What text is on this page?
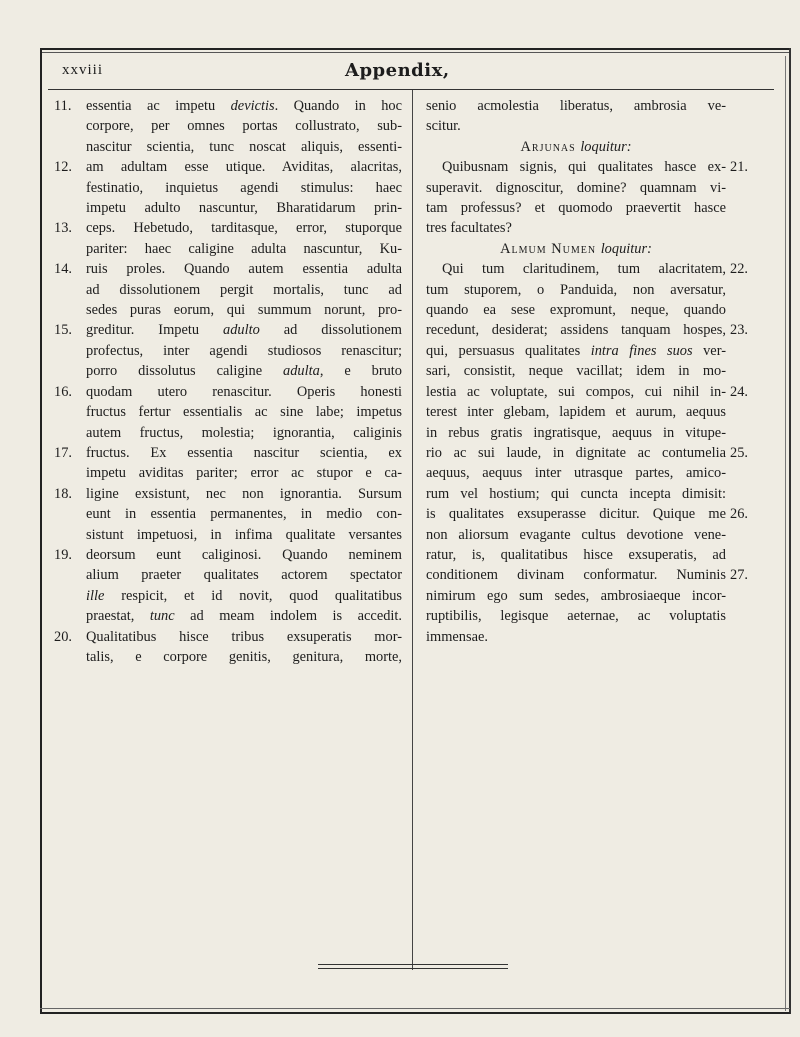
xxviii	Appendix,
essentia ac impetu devictis. Quando in hoc
11.
corpore, per omnes portas collustrato, sub-
nascitur scientia, tunc noscat aliquis, essenti-
am adultam esse utique. Aviditas, alacritas,
12.
festinatio, inquietus agendi stimulus: haec
impetu adulto nascuntur, Bharatidarum prin-
ceps. Hebetudo, tarditasque, error, stuporque
13.
pariter: haec caligine adulta nascuntur, Ku-
ruis proles. Quando autem essentia adulta
14.
ad dissolutionem pergit mortalis, tunc ad
sedes puras eorum, qui summum norunt, pro-
greditur. Impetu adulto ad dissolutionem
15.
profectus, inter agendi studiosos renascitur;
porro dissolutus caligine adulta, e bruto
quodam utero renascitur. Operis honesti
16.
fructus fertur essentialis ac sine labe; impetus
autem fructus, molestia; ignorantia, caliginis
fructus. Ex essentia nascitur scientia, ex
17.
impetu aviditas pariter; error ac stupor e ca-
ligine exsistunt, nec non ignorantia. Sursum
18.
eunt in essentia permanentes, in medio con-
sistunt impetuosi, in infima qualitate versantes
deorsum eunt caliginosi. Quando neminem
19.
alium praeter qualitates actorem spectator
ille respicit, et id novit, quod qualitatibus
praestat, tunc ad meam indolem is accedit.
Qualitatibus hisce tribus exsuperatis mor-
20.
talis, e corpore genitis, genitura, morte,
senio acmolestia liberatus, ambrosia ve-
scitur.
Arjunas loquitur:
Quibusnam signis, qui qualitates hasce ex- 21.
superavit. dignoscitur, domine? quamnam vi-
tam professus? et quomodo praevertit hasce
tres facultates?
Almum Numen loquitur:
Qui tum claritudinem, tum alacritatem, 22.
tum stuporem, o Panduida, non aversatur,
quando ea sese expromunt, neque, quando
recedunt, desiderat; assidens tanquam hospes, 23.
qui, persuasus qualitates intra fines suos ver-
sari, consistit, neque vacillat; idem in mo-
lestia ac voluptate, sui compos, cui nihil in- 24.
terest inter glebam, lapidem et aurum, aequus
in rebus gratis ingratisque, aequus in vitupe-
rio ac sui laude, in dignitate ac contumelia 25.
aequus, aequus inter utrasque partes, amico-
rum vel hostium; qui cuncta incepta dimisit:
is qualitates exsuperasse dicitur. Quique me 26.
non aliorsum evagante cultus devotione vene-
ratur, is, qualitatibus hisce exsuperatis, ad
conditionem divinam conformatur. Numinis 27.
nimirum ego sum sedes, ambrosiaeque incor-
ruptibilis, legisque aeternae, ac voluptatis
immensae.
